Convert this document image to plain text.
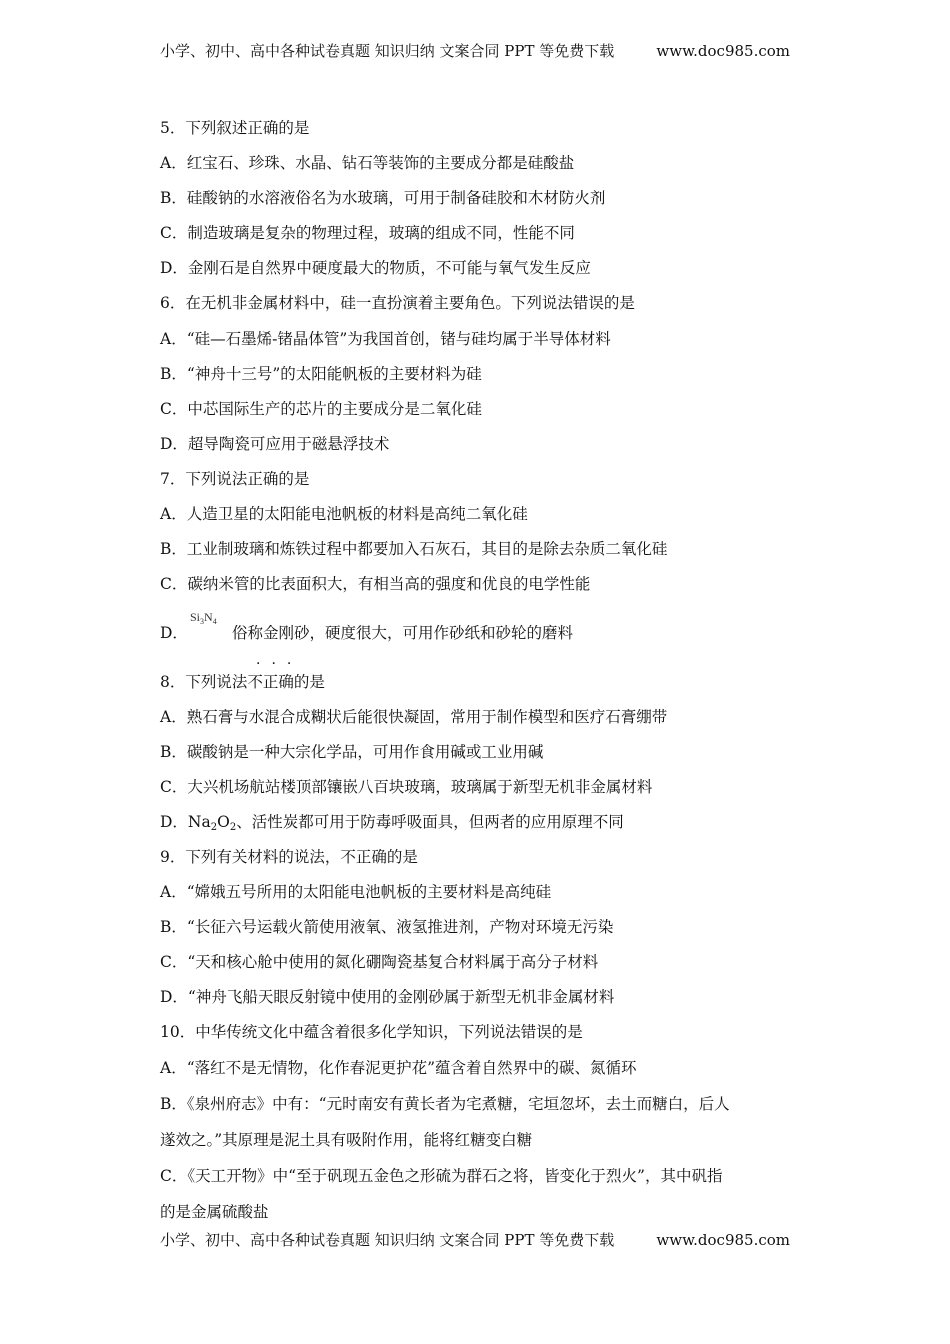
小学、初中、高中各种试卷真题 知识归纳 文案合同 PPT 等免费下载	www.doc985.com
5．下列叙述正确的是
A．红宝石、珍珠、水晶、钻石等装饰的主要成分都是硅酸盐
B．硅酸钠的水溶液俗名为水玻璃，可用于制备硅胶和木材防火剂
C．制造玻璃是复杂的物理过程，玻璃的组成不同，性能不同
D．金刚石是自然界中硬度最大的物质，不可能与氧气发生反应
6．在无机非金属材料中，硅一直扮演着主要角色。下列说法错误的是
A．“硅—石墨烯-锗晶体管”为我国首创，锗与硅均属于半导体材料
B．“神舟十三号”的太阳能帆板的主要材料为硅
C．中芯国际生产的芯片的主要成分是二氧化硅
D．超导陶瓷可应用于磁悬浮技术
7．下列说法正确的是
A．人造卫星的太阳能电池帆板的材料是高纯二氧化硅
B．工业制玻璃和炼铁过程中都要加入石灰石，其目的是除去杂质二氧化硅
C．碳纳米管的比表面积大，有相当高的强度和优良的电学性能
D．
$Si_3N_4$
俗称金刚砂，硬度很大，可用作砂纸和砂轮的磨料
···
8．下列说法不正确的是
A．熟石膏与水混合成糊状后能很快凝固，常用于制作模型和医疗石膏绷带
B．碳酸钠是一种大宗化学品，可用作食用碱或工业用碱
C．大兴机场航站楼顶部镶嵌八百块玻璃，玻璃属于新型无机非金属材料
D．$Na_2O_2$、活性炭都可用于防毒呼吸面具，但两者的应用原理不同
9．下列有关材料的说法，不正确的是
A．“嫦娥五号所用的太阳能电池帆板的主要材料是高纯硅
B．“长征六号运载火箭使用液氧、液氢推进剂，产物对环境无污染
C．“天和核心舱中使用的氮化硼陶瓷基复合材料属于高分子材料
D．“神舟飞船天眼反射镜中使用的金刚砂属于新型无机非金属材料
10．中华传统文化中蕴含着很多化学知识，下列说法错误的是
A．“落红不是无情物，化作春泥更护花”蕴含着自然界中的碳、氮循环
B．《泉州府志》中有：“元时南安有黄长者为宅煮糖，宅垣忽坏，去土而糖白，后人
遂效之。”其原理是泥土具有吸附作用，能将红糖变白糖
C．《天工开物》中“至于矾现五金色之形硫为群石之将，皆变化于烈火”，其中矾指
的是金属硫酸盐
小学、初中、高中各种试卷真题 知识归纳 文案合同 PPT 等免费下载	www.doc985.com
